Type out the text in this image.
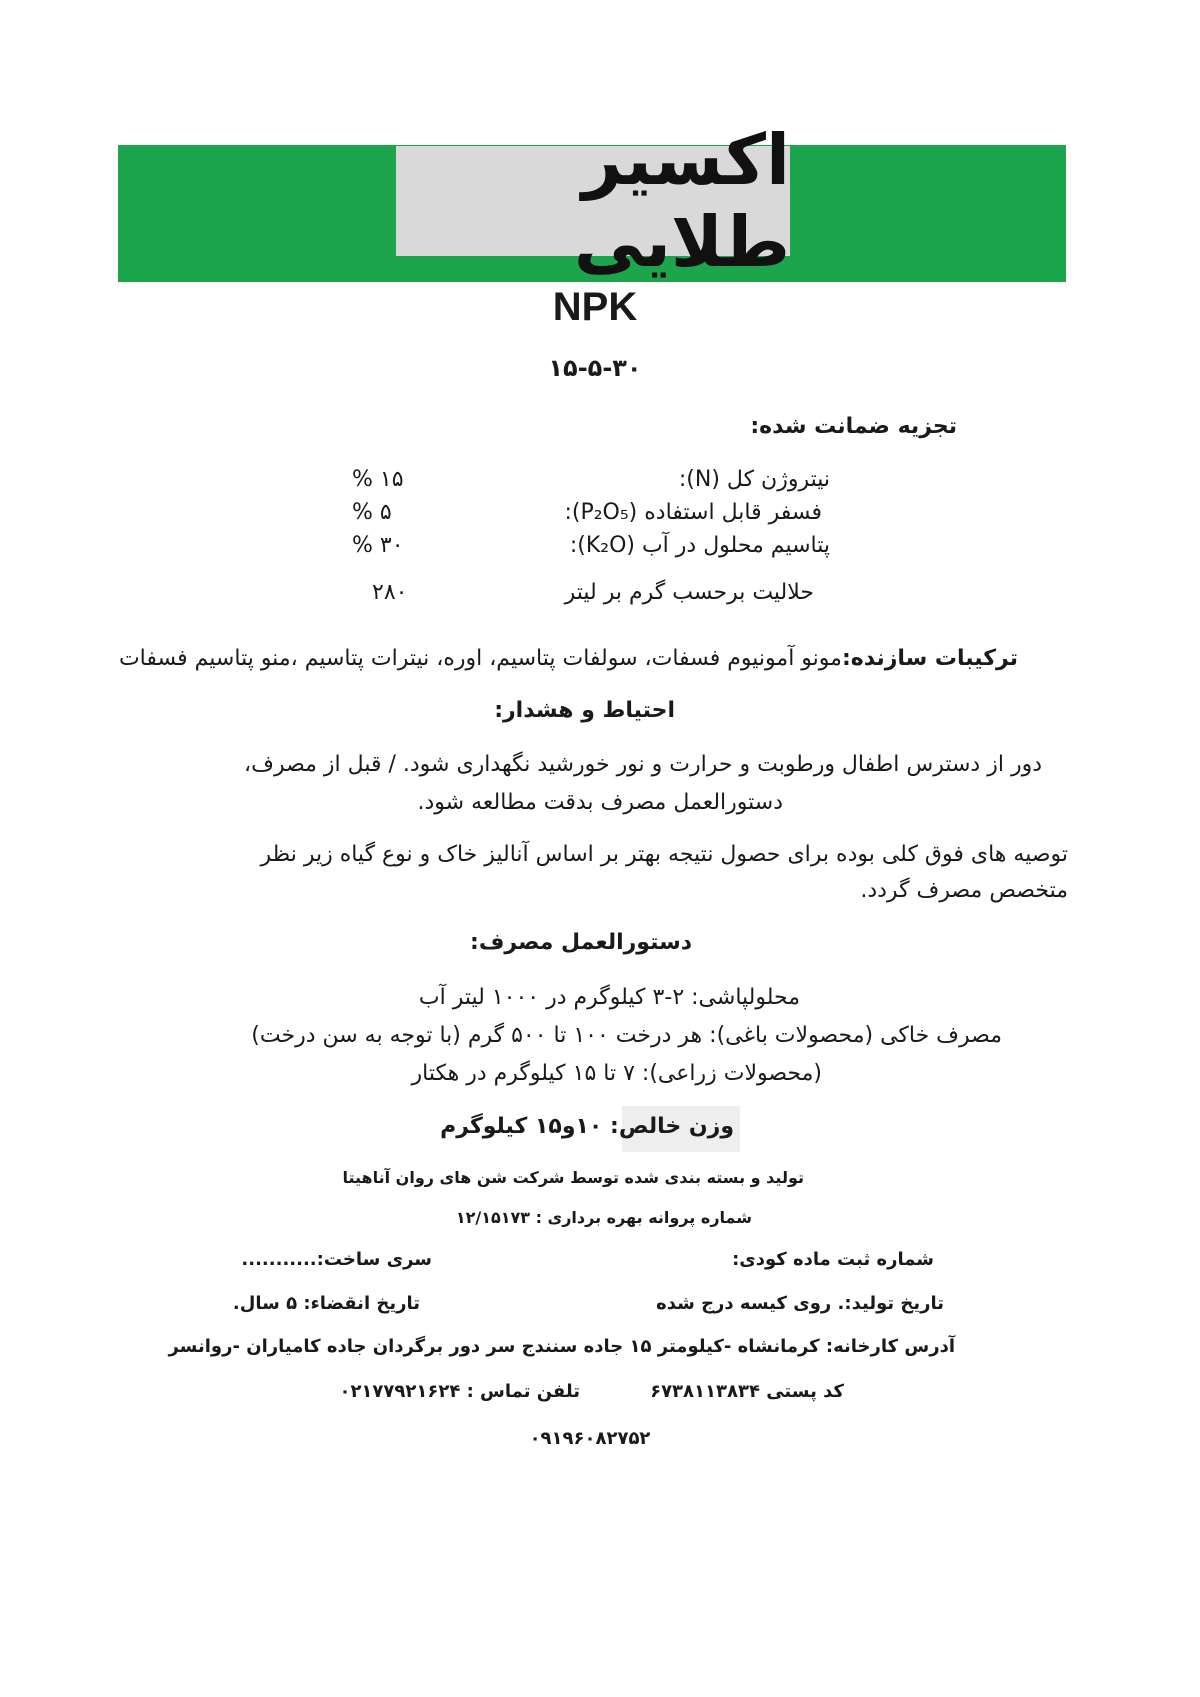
اکسیر طلایی
NPK
۱۵-۵-۳۰
تجزیه ضمانت شده:
نیتروژن کل (N):
۱۵ %
فسفر قابل استفاده (P₂O₅):
۵ %
پتاسیم محلول در آب (K₂O):
۳۰ %
حلالیت برحسب گرم بر لیتر
۲۸۰
ترکیبات سازنده:مونو آمونیوم فسفات، سولفات پتاسیم، اوره، نیترات پتاسیم ،منو پتاسیم فسفات
احتیاط و هشدار:
دور از دسترس اطفال ورطوبت و حرارت و نور خورشید نگهداری شود. / قبل از مصرف،
دستورالعمل مصرف بدقت مطالعه شود.
توصیه های فوق کلی بوده برای حصول نتیجه بهتر بر اساس آنالیز خاک و نوع گیاه زیر نظر
متخصص مصرف گردد.
دستورالعمل مصرف:
محلولپاشی: ۲-۳ کیلوگرم در ۱۰۰۰ لیتر آب
مصرف خاکی (محصولات باغی): هر درخت ۱۰۰ تا ۵۰۰ گرم (با توجه به سن درخت)
(محصولات زراعی): ۷ تا ۱۵ کیلوگرم در هکتار
وزن خالص: ۱۰و۱۵ کیلوگرم
تولید و بسته بندی شده توسط شرکت شن های روان آناهیتا
شماره پروانه بهره برداری : ۱۲/۱۵۱۷۳
شماره ثبت ماده کودی:
سری ساخت:...........
تاریخ تولید:. روی کیسه درج شده
تاریخ انقضاء: ۵ سال.
آدرس کارخانه: کرمانشاه -کیلومتر ۱۵ جاده سنندج سر دور برگردان جاده کامیاران -روانسر
کد پستی ۶۷۳۸۱۱۳۸۳۴
تلفن تماس : ۰۲۱۷۷۹۲۱۶۲۴
۰۹۱۹۶۰۸۲۷۵۲
